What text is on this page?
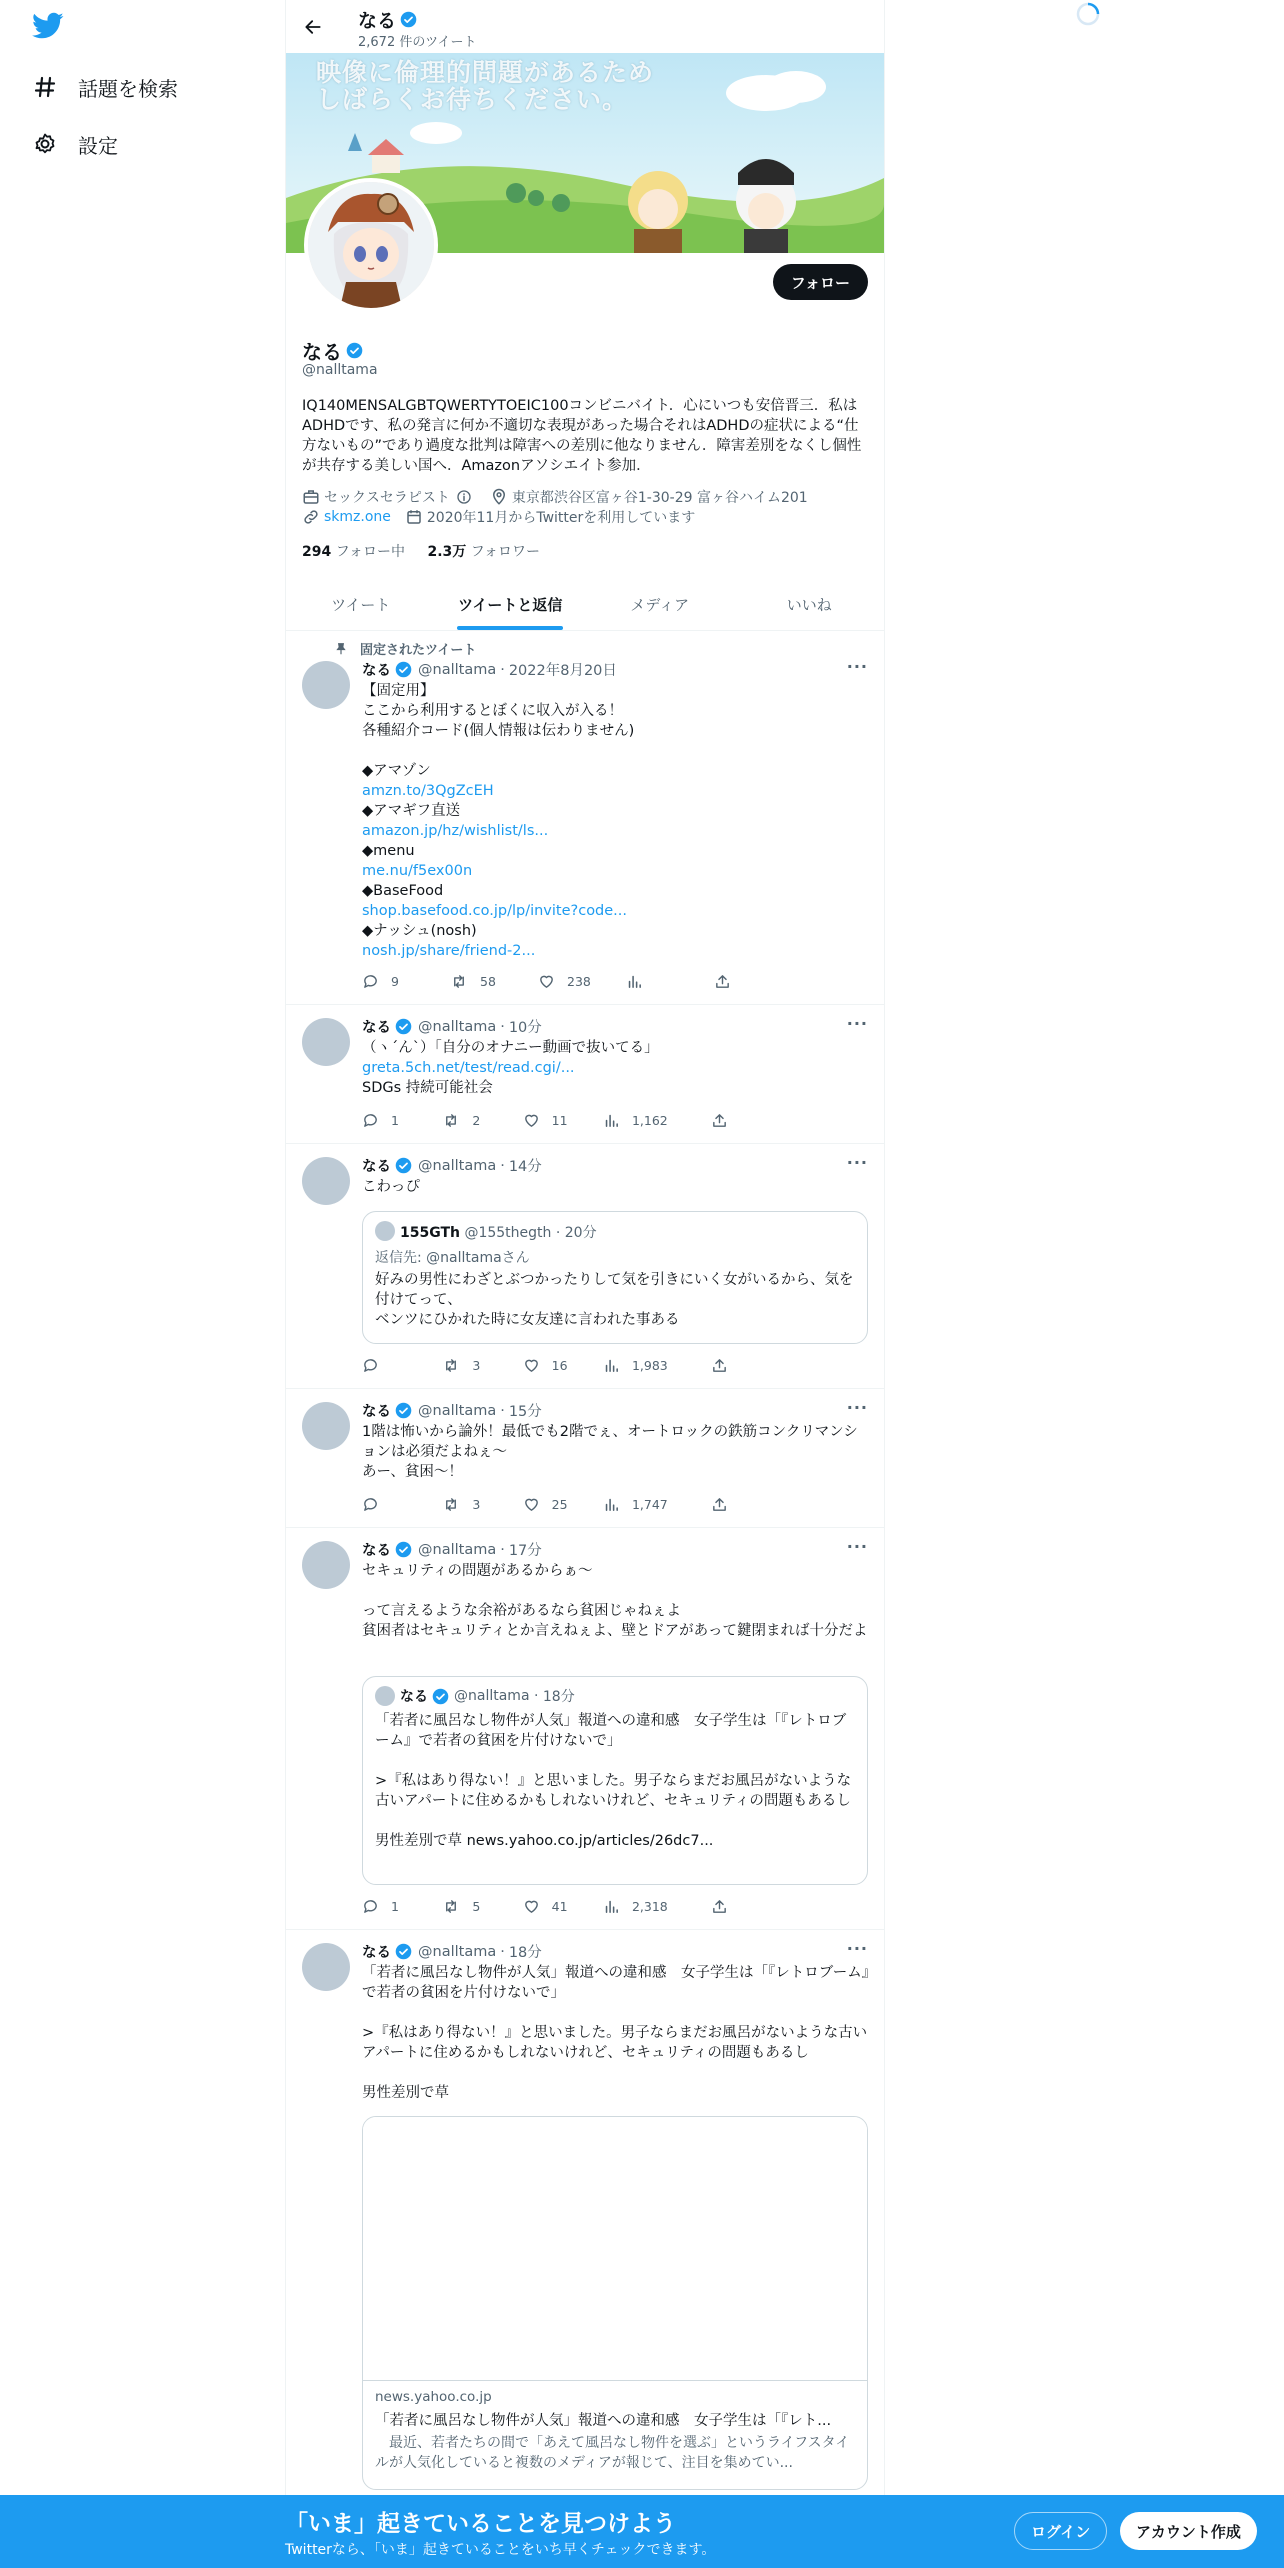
話題を検索
設定
なる
2,672 件のツイート
映像に倫理的問題があるため
しばらくお待ちください。
フォロー
なる
@nalltama
IQ140MENSALGBTQWERTYTOEIC100コンビニバイト．心にいつも安倍晋三．私はADHDです、私の発言に何か不適切な表現があった場合それはADHDの症状による“仕方ないもの”であり過度な批判は障害への差別に他なりません．障害差別をなくし個性が共存する美しい国へ．Amazonアソシエイト参加．
セックスセラピスト	東京都渋谷区富ヶ谷1-30-29 富ヶ谷ハイム201
skmz.one	2020年11月からTwitterを利用しています
294 フォロー中 2.3万 フォロワー
ツイート	ツイートと返信	メディア	いいね
固定されたツイート
なる @nalltama · 2022年8月20日	···
【固定用】
ここから利用するとぼくに収入が入る！
各種紹介コード(個人情報は伝わりません)

◆アマゾン
amzn.to/3QgZcEH
◆アマギフ直送
amazon.jp/hz/wishlist/ls...
◆menu
me.nu/f5ex00n
◆BaseFood
shop.basefood.co.jp/lp/invite?code...
◆ナッシュ(nosh)
nosh.jp/share/friend-2...
9	58	238
なる @nalltama · 10分	···
（ヽ´ん`）「自分のオナニー動画で抜いてる」
greta.5ch.net/test/read.cgi/...
SDGs 持続可能社会
1	2	11	1,162
なる @nalltama · 14分	···
こわっぴ
155GTh @155thegth · 20分
返信先: @nalltamaさん
好みの男性にわざとぶつかったりして気を引きにいく女がいるから、気を付けてって、
ベンツにひかれた時に女友達に言われた事ある
3	16	1,983
なる @nalltama · 15分	···
1階は怖いから論外！最低でも2階でぇ、オートロックの鉄筋コンクリマンションは必須だよねぇ〜
あー、貧困〜！
3	25	1,747
なる @nalltama · 17分	···
セキュリティの問題があるからぁ〜

って言えるような余裕があるなら貧困じゃねぇよ
貧困者はセキュリティとか言えねぇよ、壁とドアがあって鍵閉まれば十分だよ
なる @nalltama · 18分
「若者に風呂なし物件が人気」報道への違和感　女子学生は「『レトロブーム』で若者の貧困を片付けないで」

>『私はあり得ない！』と思いました。男子ならまだお風呂がないような古いアパートに住めるかもしれないけれど、セキュリティの問題もあるし

男性差別で草 news.yahoo.co.jp/articles/26dc7...
1	5	41	2,318
なる @nalltama · 18分	···
「若者に風呂なし物件が人気」報道への違和感　女子学生は「『レトロブーム』で若者の貧困を片付けないで」

>『私はあり得ない！』と思いました。男子ならまだお風呂がないような古いアパートに住めるかもしれないけれど、セキュリティの問題もあるし

男性差別で草
news.yahoo.co.jp
「若者に風呂なし物件が人気」報道への違和感　女子学生は「『レト...
　最近、若者たちの間で「あえて風呂なし物件を選ぶ」というライフスタイルが人気化していると複数のメディアが報じて、注目を集めてい...
「いま」起きていることを見つけよう
Twitterなら、「いま」起きていることをいち早くチェックできます。
ログイン	アカウント作成
